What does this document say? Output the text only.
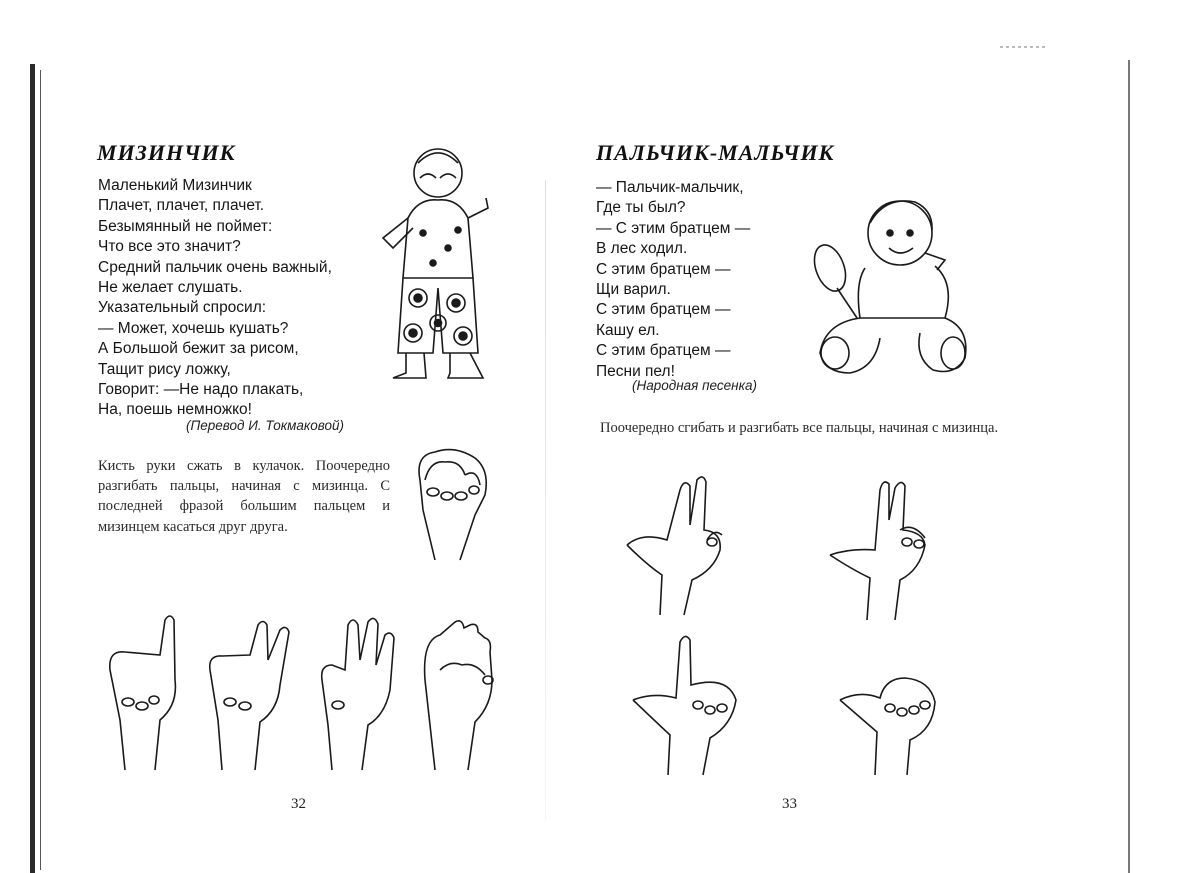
МИЗИНЧИК
Маленький Мизинчик
Плачет, плачет, плачет.
Безымянный не поймет:
Что все это значит?
Средний пальчик очень важный,
Не желает слушать.
Указательный спросил:
— Может, хочешь кушать?
А Большой бежит за рисом,
Тащит рису ложку,
Говорит: —Не надо плакать,
На, поешь немножко!
(Перевод И. Токмаковой)
Кисть руки сжать в кулачок. Поочередно разгибать пальцы, начиная с мизинца. С последней фразой большим пальцем и мизинцем касаться друг друга.
32
ПАЛЬЧИК-МАЛЬЧИК
— Пальчик-мальчик,
Где ты был?
— С этим братцем —
В лес ходил.
С этим братцем —
Щи варил.
С этим братцем —
Кашу ел.
С этим братцем —
Песни пел!
(Народная песенка)
Поочередно сгибать и разгибать все пальцы, начиная с мизинца.
33
